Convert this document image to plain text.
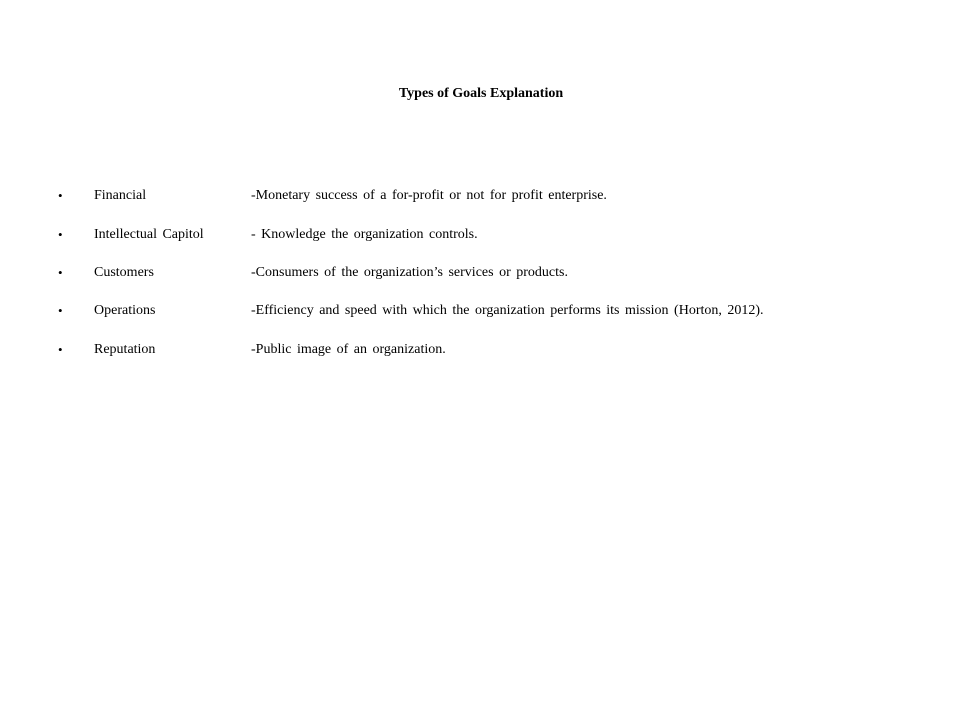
Types of Goals Explanation
• Financial	-Monetary success of a for-profit or not for profit enterprise.
• Intellectual Capitol	- Knowledge the organization controls.
• Customers	-Consumers of the organization’s services or products.
• Operations	-Efficiency and speed with which the organization performs its mission (Horton, 2012).
• Reputation	-Public image of an organization.
